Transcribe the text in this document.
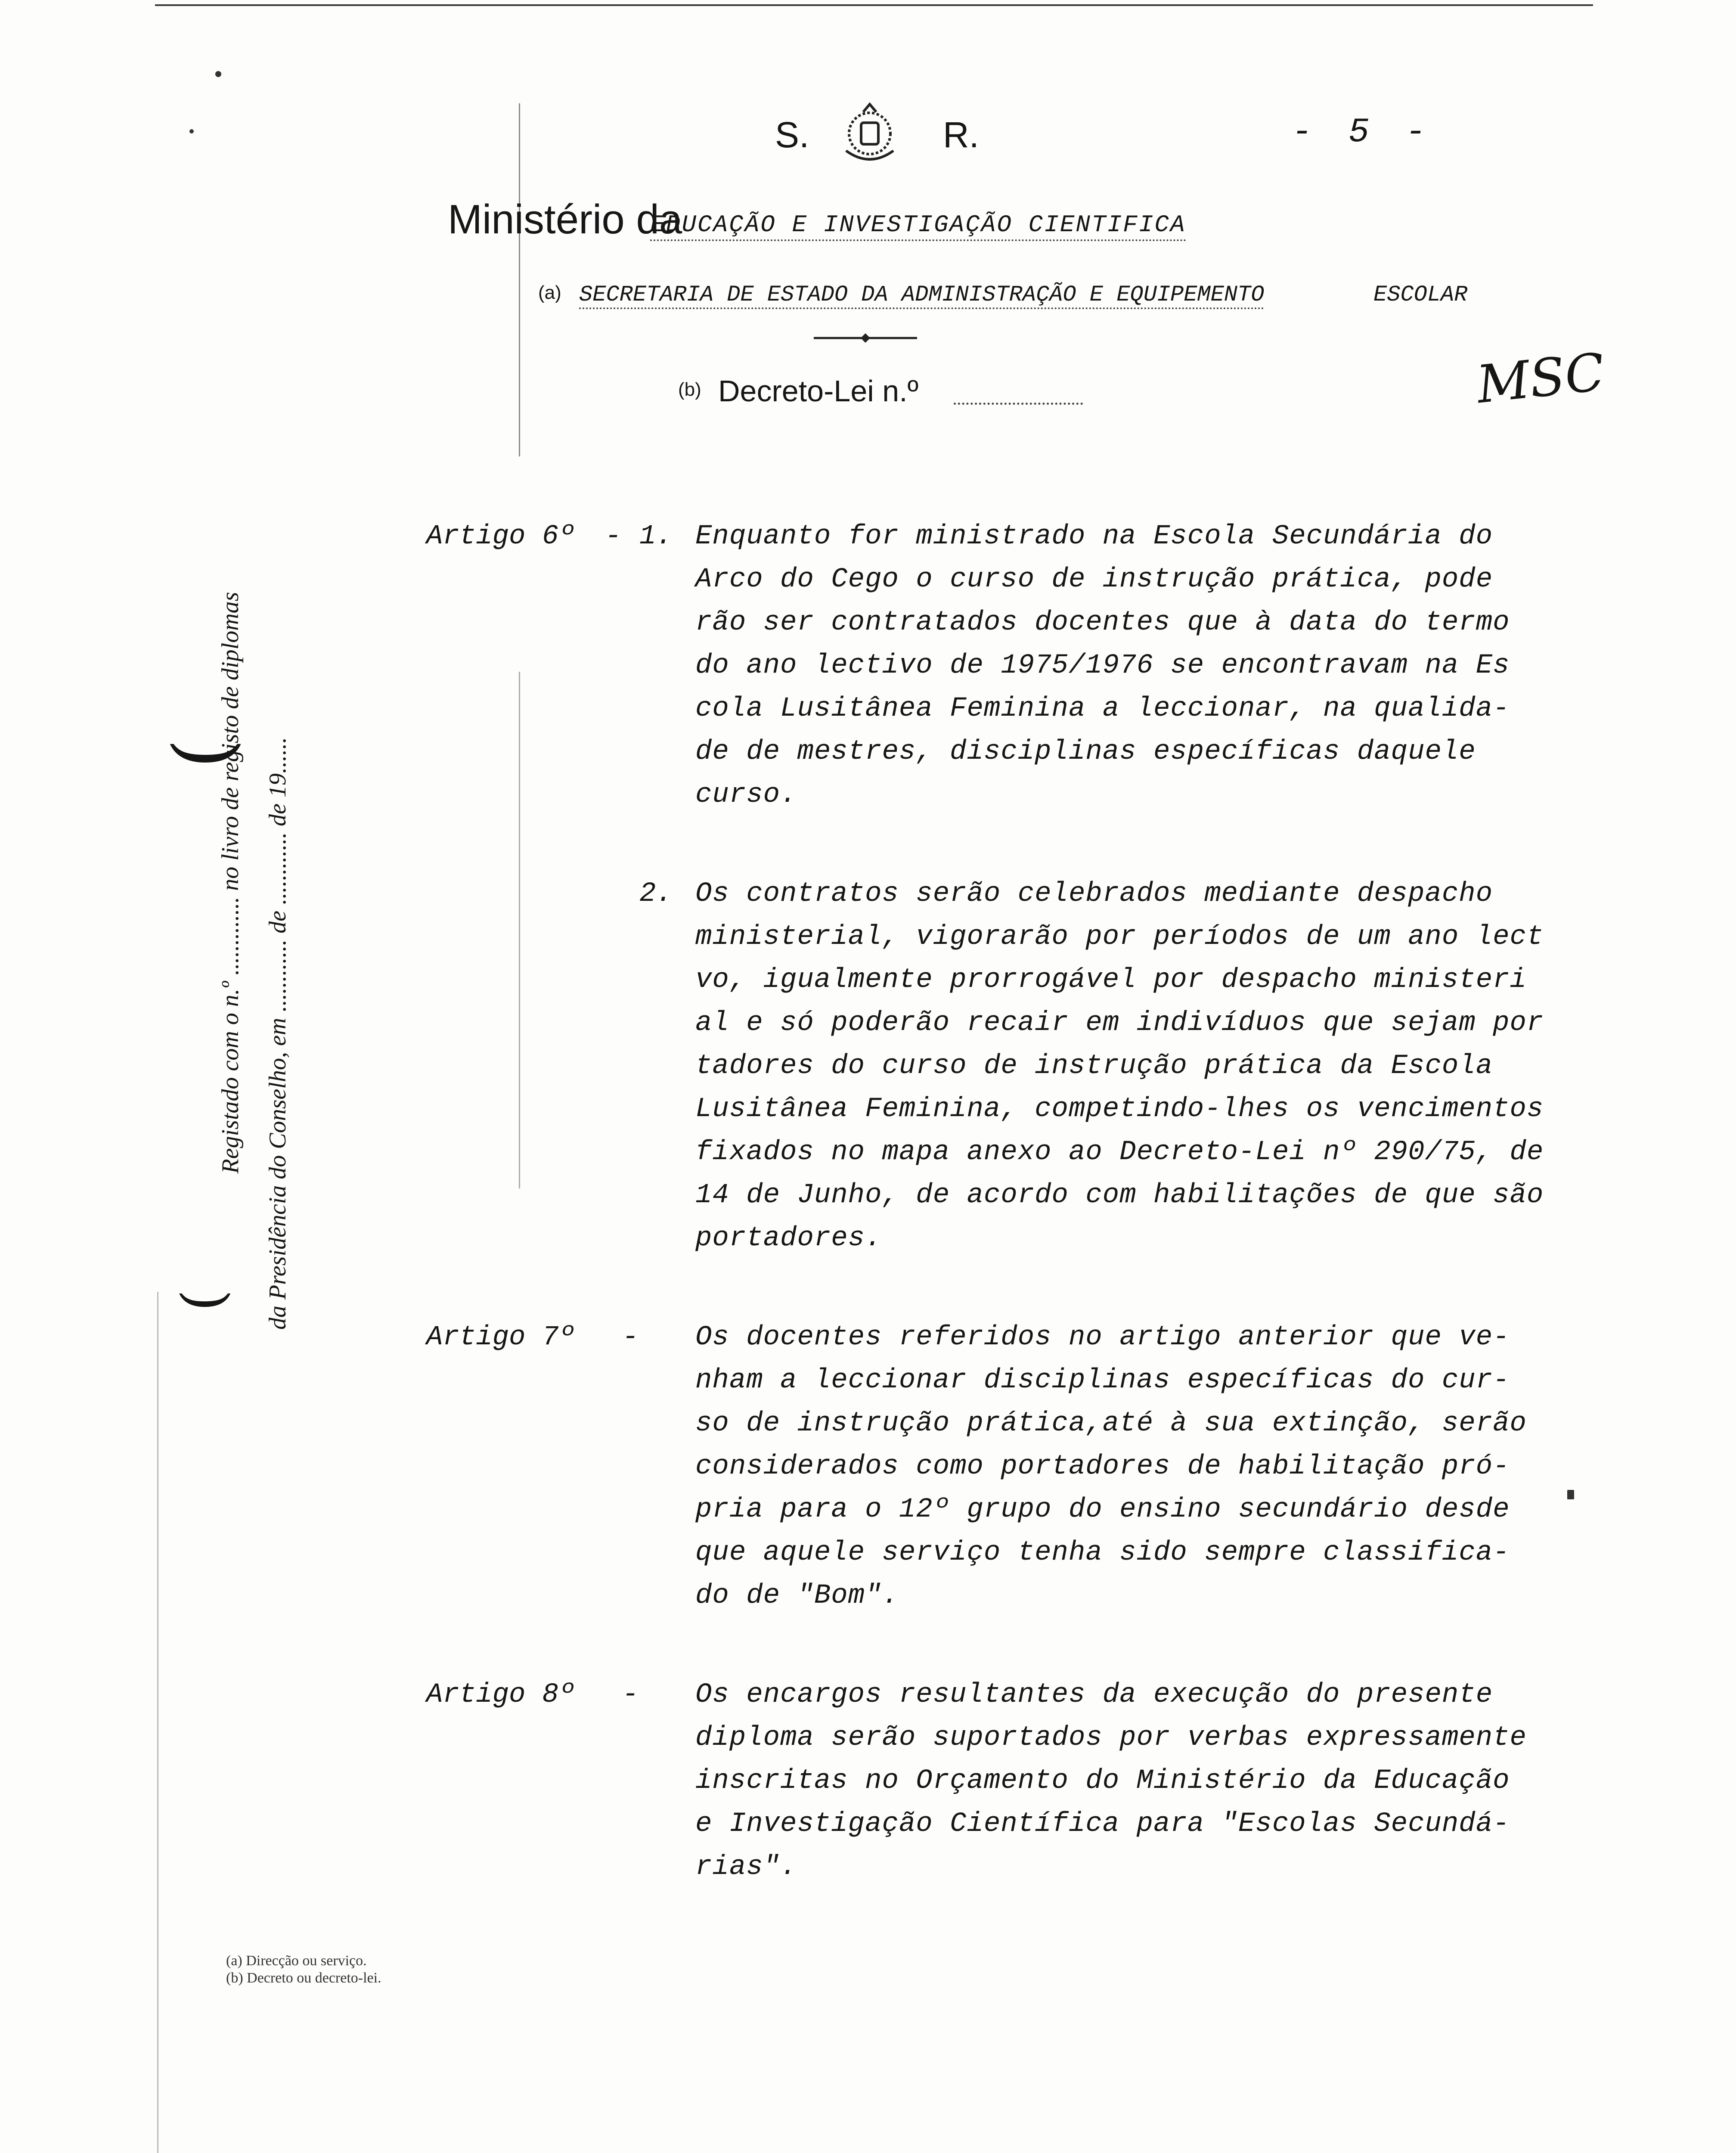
S.	R.	- 5 -
Ministério da
EDUCAÇÃO E INVESTIGAÇÃO CIENTIFICA
(a) SECRETARIA DE ESTADO DA ADMINISTRAÇÃO E EQUIPEMENTO	ESCOLAR
(b) Decreto-Lei n.º	MSC
(
Registado com o n.º ............. no livro de registo de diplomas da Presidência do Conselho, em ............ de ............ de 19......
(
Artigo 6º - 1. Enquanto for ministrado na Escola Secundária do
Arco do Cego o curso de instrução prática, pode
rão ser contratados docentes que à data do termo
do ano lectivo de 1975/1976 se encontravam na Es
cola Lusitânea Feminina a leccionar, na qualida-
de de mestres, disciplinas específicas daquele
curso.
2. Os contratos serão celebrados mediante despacho
ministerial, vigorarão por períodos de um ano lect
vo, igualmente prorrogável por despacho ministeri
al e só poderão recair em indivíduos que sejam por
tadores do curso de instrução prática da Escola
Lusitânea Feminina, competindo-lhes os vencimentos
fixados no mapa anexo ao Decreto-Lei nº 290/75, de
14 de Junho, de acordo com habilitações de que são
portadores.
Artigo 7º - Os docentes referidos no artigo anterior que ve-
nham a leccionar disciplinas específicas do cur-
so de instrução prática,até à sua extinção, serão
considerados como portadores de habilitação pró-
pria para o 12º grupo do ensino secundário desde
que aquele serviço tenha sido sempre classifica-
do de "Bom".
Artigo 8º - Os encargos resultantes da execução do presente
diploma serão suportados por verbas expressamente
inscritas no Orçamento do Ministério da Educação
e Investigação Científica para "Escolas Secundá-
rias".
(a) Direcção ou serviço.
(b) Decreto ou decreto-lei.
